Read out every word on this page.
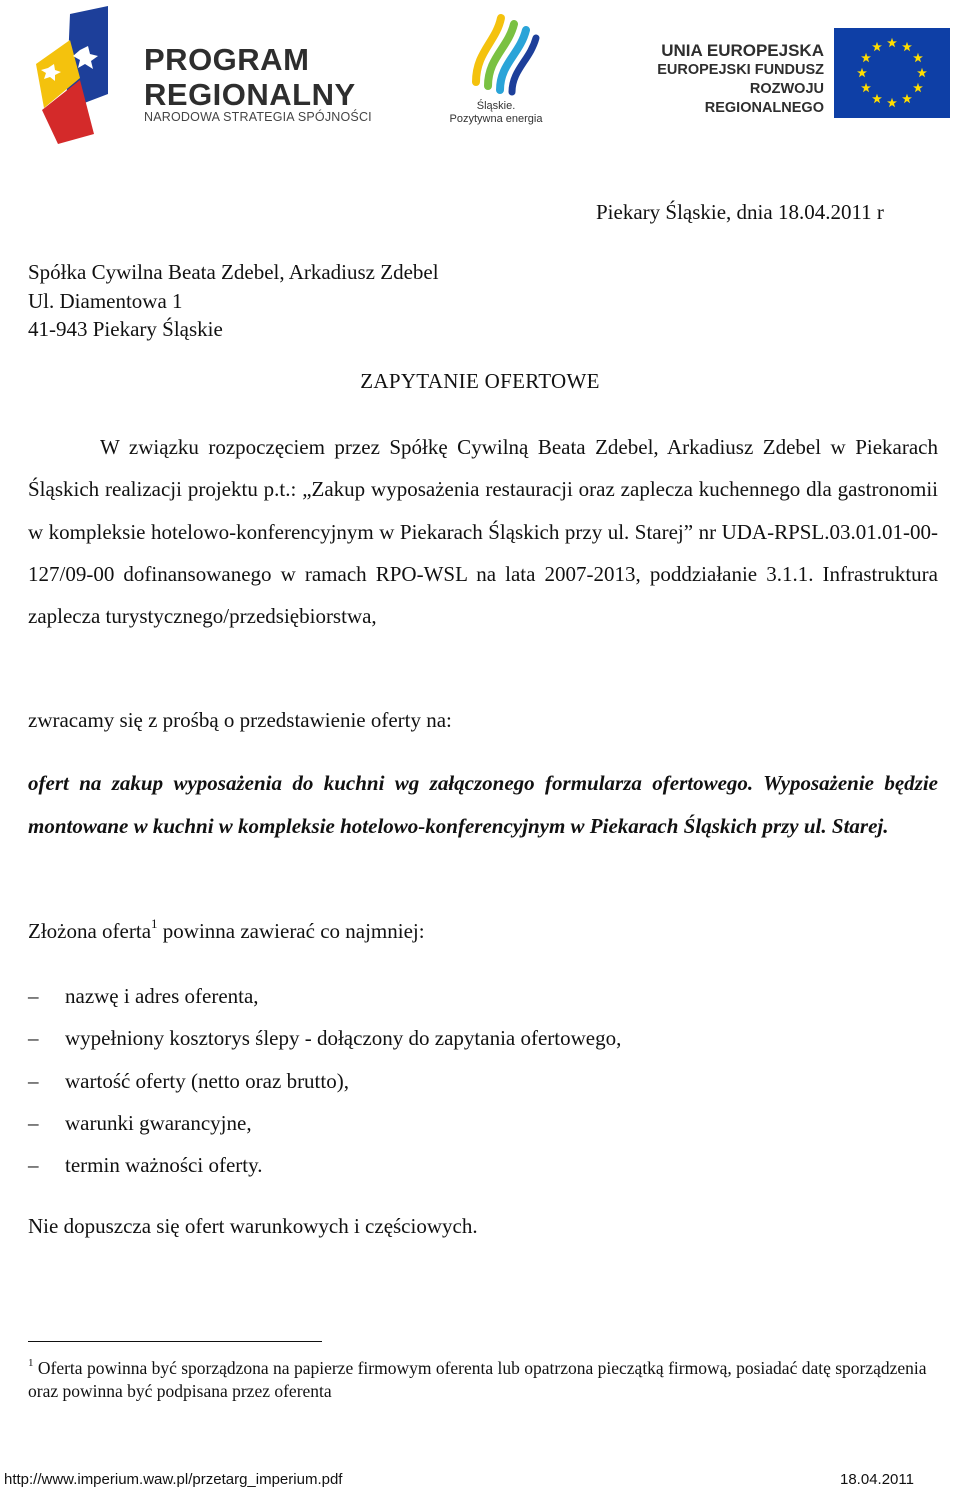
PROGRAM
REGIONALNY
NARODOWA STRATEGIA SPÓJNOŚCI
Śląskie.
Pozytywna energia
UNIA EUROPEJSKA
EUROPEJSKI FUNDUSZ
ROZWOJU REGIONALNEGO
Piekary Śląskie, dnia 18.04.2011 r
Spółka Cywilna Beata Zdebel, Arkadiusz Zdebel
Ul. Diamentowa 1
41-943 Piekary Śląskie
ZAPYTANIE OFERTOWE
W związku rozpoczęciem przez Spółkę Cywilną Beata Zdebel, Arkadiusz Zdebel w Piekarach Śląskich realizacji projektu p.t.: „Zakup wyposażenia restauracji oraz zaplecza kuchennego dla gastronomii w kompleksie hotelowo-konferencyjnym w Piekarach Śląskich przy ul. Starej” nr UDA-RPSL.03.01.01-00-127/09-00 dofinansowanego w ramach RPO-WSL na lata 2007-2013, poddziałanie 3.1.1. Infrastruktura zaplecza turystycznego/przedsiębiorstwa,
zwracamy się z prośbą o przedstawienie oferty na:
ofert na zakup wyposażenia do kuchni wg załączonego formularza ofertowego. Wyposażenie będzie montowane w kuchni w kompleksie hotelowo-konferencyjnym w Piekarach Śląskich przy ul. Starej.
Złożona oferta$^1$ powinna zawierać co najmniej:
– nazwę i adres oferenta,
– wypełniony kosztorys ślepy - dołączony do zapytania ofertowego,
– wartość oferty (netto oraz brutto),
– warunki gwarancyjne,
– termin ważności oferty.
Nie dopuszcza się ofert warunkowych i częściowych.
$^1$ Oferta powinna być sporządzona na papierze firmowym oferenta lub opatrzona pieczątką firmową, posiadać datę sporządzenia oraz powinna być podpisana przez oferenta
http://www.imperium.waw.pl/przetarg_imperium.pdf	18.04.2011
